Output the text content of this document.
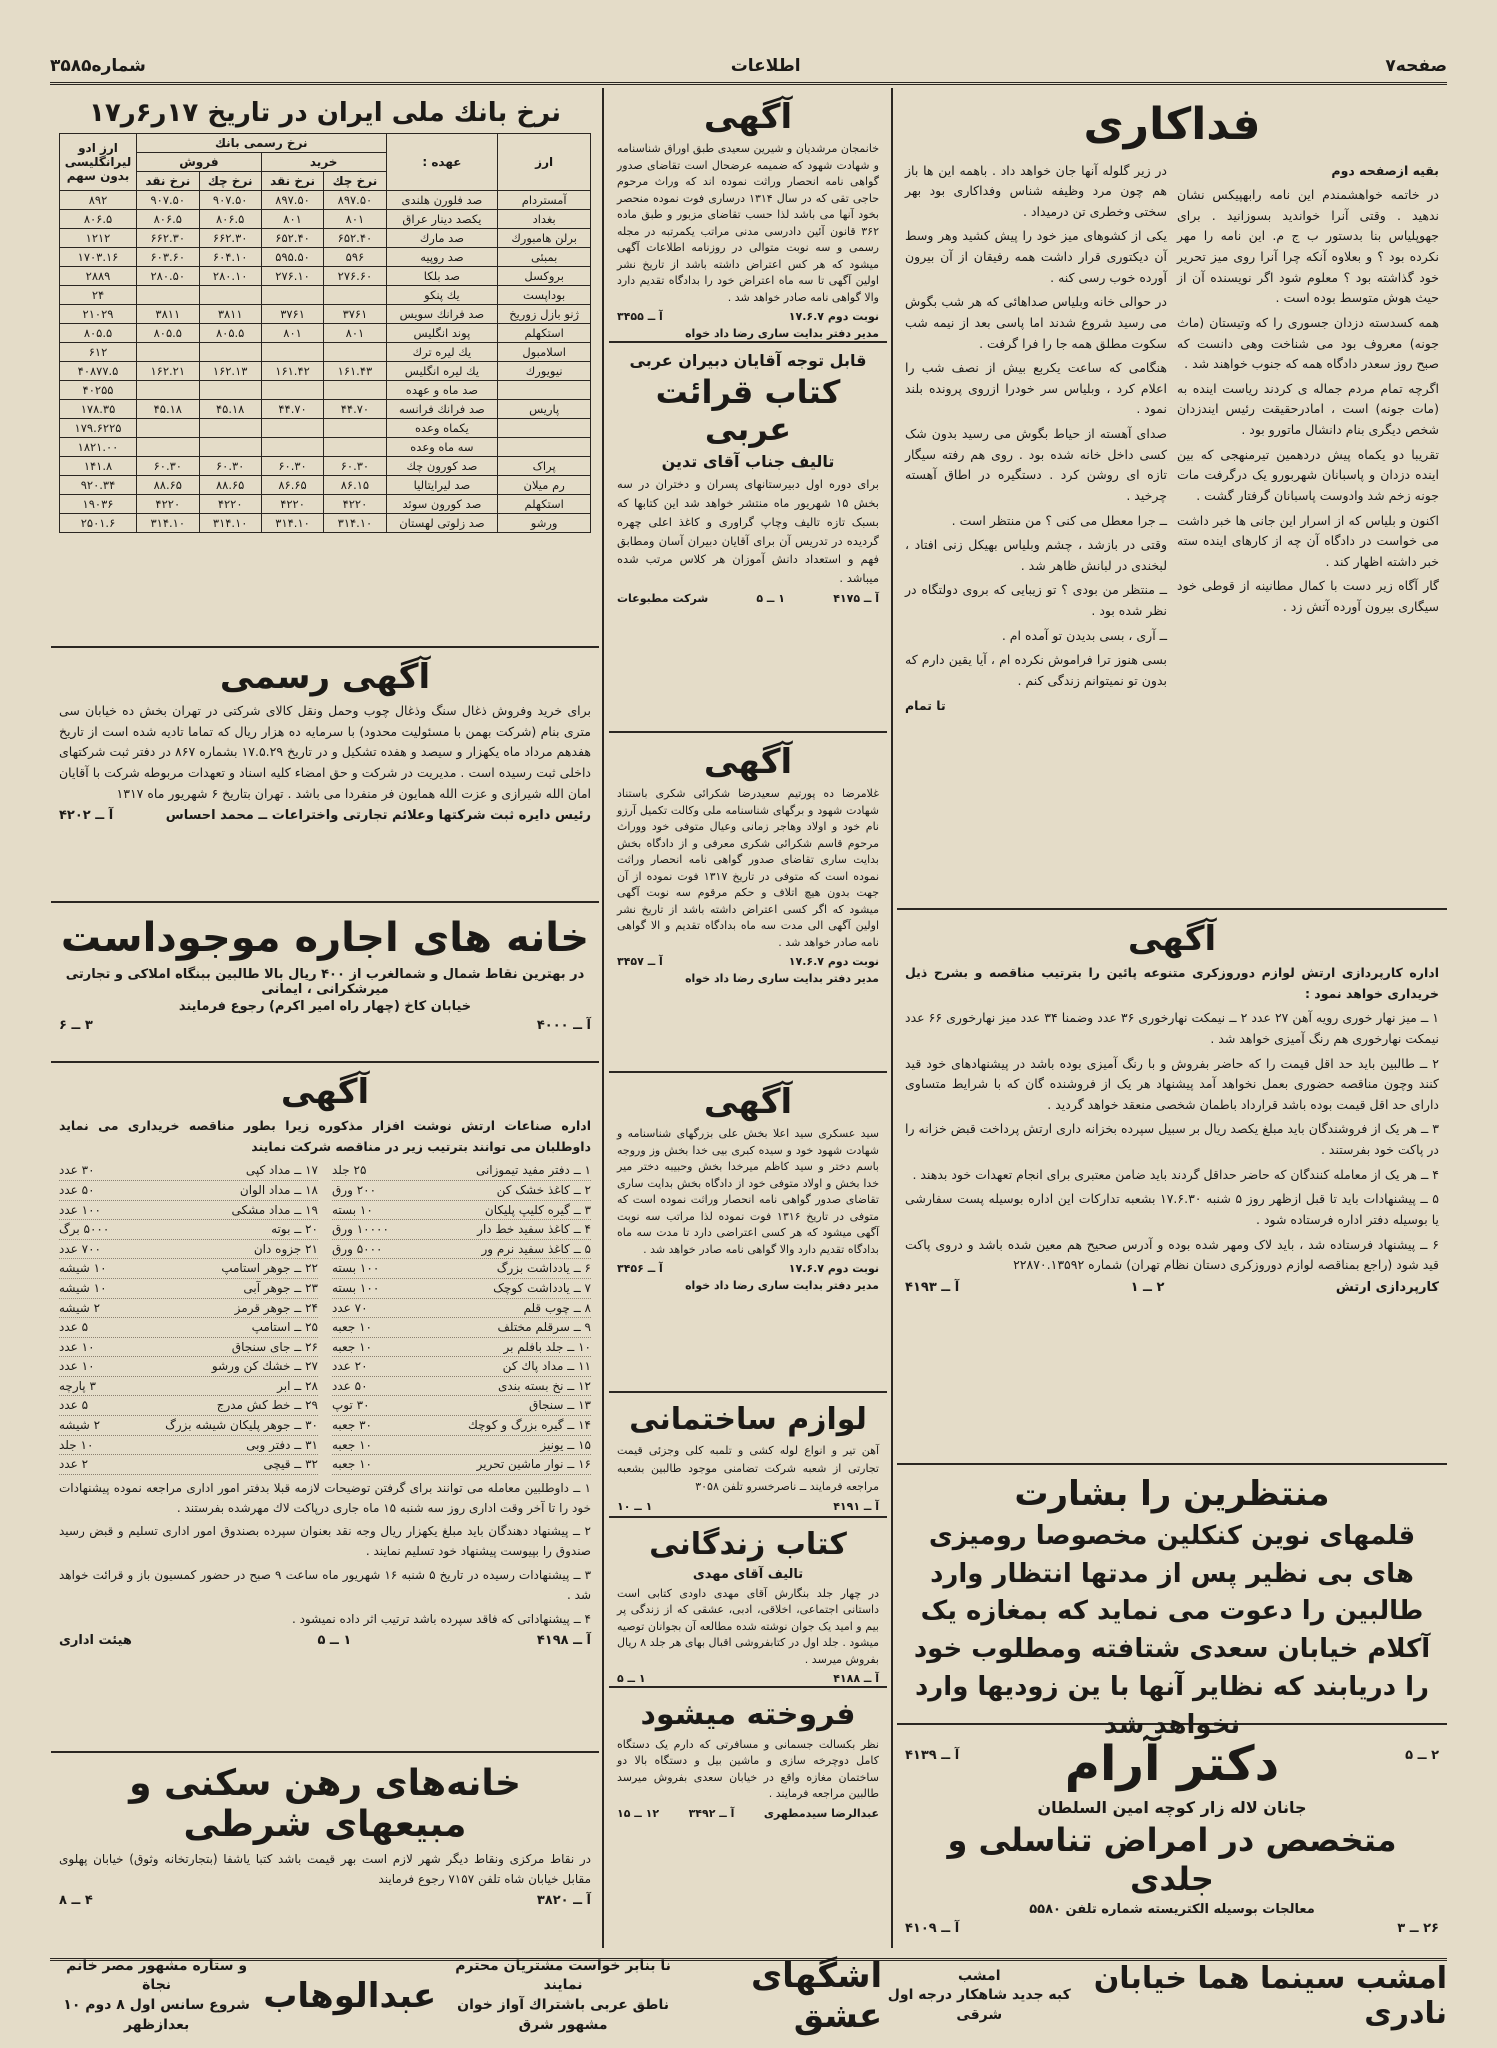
صفحه۷
اطلاعات
شماره۳۵۸۵
فداکاری

بقیه ازصفحه دوم

در خاتمه خواهشمندم این نامه رابهپیکس نشان ندهید . وقتی آنرا خواندید بسوزانید . برای جهوپلیاس بنا بدستور ب ج م. این نامه را مهر نکرده بود ؟ و بعلاوه آنکه چرا آنرا روی میز تحریر خود گذاشته بود ؟ معلوم شود اگر نویسنده آن از حیث هوش متوسط بوده است .

همه کسدسته دزدان جسوری را که وتیستان (ماث جونه) معروف بود می شناخت وهی دانست که صبح روز سعدر دادگاه همه که جنوب خواهند شد .

اگرچه تمام مردم جماله ی کردند ریاست اینده به (مات جونه) است ، امادرحقیقت رئیس ایندزدان شخص دیگری بنام دانشال ماتورو بود .

تقریبا دو یکماه پیش دردهمین تیرمنهجی که بین اینده دزدان و پاسبانان شهربورو یک درگرفت مات جونه زخم شد وادوست پاسبانان گرفتار گشت .

اکنون و بلیاس که از اسرار این جانی ها خبر داشت می خواست در دادگاه آن چه از کارهای اینده سته خبر داشته اظهار کند .

گار آگاه زیر دست با کمال مطانینه از قوطی خود سیگاری بیرون آورده آتش زد .

در زیر گلوله آنها جان خواهد داد . باهمه این ها باز هم چون مرد وظیفه شناس وفداکاری بود بهر سختی وخطری تن درمیداد .

یکی از کشوهای میز خود را پیش کشید وهر وسط آن دیکتوری قرار داشت همه رفیقان از آن بیرون آورده خوب رسی کنه .

در حوالی خانه وبلیاس صداهائی که هر شب بگوش می رسید شروع شدند اما پاسی بعد از نیمه شب سکوت مطلق همه جا را فرا گرفت .

هنگامی که ساعت یکربع بیش از نصف شب را اعلام کرد ، وبلیاس سر خودرا ازروی پرونده بلند نمود .

صدای آهسته از حیاط بگوش می رسید بدون شک کسی داخل خانه شده بود . روی هم رفته سیگار تازه ای روشن کرد . دستگیره در اطاق آهسته چرخید .

ــ جرا معطل می کنی ؟ من منتظر است .

وقتی در بازشد ، چشم وبلیاس بهیکل زنی افتاد ، لبخندی در لبانش ظاهر شد .

ــ منتظر من بودی ؟ تو زیبایی که بروی دولتگاه در نظر شده بود .

ــ آری ، بسی بدیدن تو آمده ام .

بسی هنوز ترا فراموش نکرده ام ، آیا یقین دارم که بدون تو نمیتوانم زندگی کنم .

تا تمام

آگهی

اداره کارپردازی ارتش لوازم دوروزکری متنوعه پائین را بترتیب مناقصه و بشرح ذیل خریداری خواهد نمود :

۱ ــ میز نهار خوری رویه آهن ۲۷ عدد ۲ ــ نیمکت نهارخوری ۳۶ عدد وضمنا ۳۴ عدد میز نهارخوری ۶۶ عدد نیمکت نهارخوری هم رنگ آمیزی خواهد شد .

۲ ــ طالبین باید حد اقل قیمت را که حاضر بفروش و با رنگ آمیزی بوده باشد در پیشنهادهای خود قید کنند وچون مناقصه حضوری بعمل نخواهد آمد پیشنهاد هر یک از فروشنده گان که با شرایط متساوی دارای حد اقل قیمت بوده باشد قرارداد باطمان شخصی منعقد خواهد گردید .

۳ ــ هر یک از فروشندگان باید مبلغ یکصد ریال بر سبیل سپرده بخزانه داری ارتش پرداخت قبض خزانه را در پاکت خود بفرستند .

۴ ــ هر یک از معامله کنندگان که حاضر حداقل گردند باید ضامن معتبری برای انجام تعهدات خود بدهند .

۵ ــ پیشنهادات باید تا قبل ازظهر روز ۵ شنبه ۱۷.۶.۳۰ بشعبه تدارکات این اداره بوسیله پست سفارشی یا بوسیله دفتر اداره فرستاده شود .

۶ ــ پیشنهاد فرستاده شد ، باید لاک ومهر شده بوده و آدرس صحیح هم معین شده باشد و دروی پاکت قید شود (راجع بمناقصه لوازم دوروزکری دستان نظام تهران) شماره ۲۲۸۷۰.۱۳۵۹۲

کارپردازی ارتش
۲ ــ ۱
آ ــ ۴۱۹۳
منتظرین را بشارت
قلمهای نوین کنکلین مخصوصا رومیزی های بی نظیر پس از مدتها انتظار وارد طالبین را دعوت می نماید که بمغازه یک آکلام خیابان سعدی شتافته ومطلوب خود را دریابند که نظایر آنها با ین زودیها وارد نخواهد شد
۲ ــ ۵
آ ــ ۴۱۳۹	دکتر آرام
جانان لاله زار کوچه امین السلطان
متخصص در امراض تناسلی و جلدی
معالجات بوسیله الکتریسته شماره تلفن ۵۵۸۰
۲۶ ــ ۳
آ ــ ۴۱۰۹
آگهی
خانمجان مرشدیان و شیرین سعیدی طبق اوراق شناسنامه و شهادت شهود که ضمیمه عرضحال است تقاضای صدور گواهی نامه انحصار وراثت نموده اند که وراث مرحوم حاجی تقی که در سال ۱۳۱۴ درساری فوت نموده منحصر بخود آنها می باشد لذا حسب تقاضای مزبور و طبق ماده ۳۶۲ قانون آئین دادرسی مدنی مراتب یکمرتبه در مجله رسمی و سه نوبت متوالی در روزنامه اطلاعات آگهی میشود که هر کس اعتراض داشته باشد از تاریخ نشر اولین آگهی تا سه ماه اعتراض خود را بدادگاه تقدیم دارد والا گواهی نامه صادر خواهد شد .
نوبت دوم ۱۷.۶.۷
آ ــ ۳۴۵۵
مدیر دفتر بدایت ساری رضا داد خواه
قابل توجه آقایان دبیران عربی
کتاب قرائت عربی
تالیف جناب آقای تدین
برای دوره اول دبیرستانهای پسران و دختران در سه بخش ۱۵ شهریور ماه منتشر خواهد شد این کتابها که بسبک تازه تالیف وچاپ گراوری و کاغذ اعلی چهره گردیده در تدریس آن برای آقایان دبیران آسان ومطابق فهم و استعداد دانش آموزان هر کلاس مرتب شده میباشد .
آ ــ ۴۱۷۵
۱ ــ ۵
شرکت مطبوعات
آگهی
غلامرضا ده پورتیم سعیدرضا شکرائی شکری باستناد شهادت شهود و برگهای شناسنامه ملی وکالت تکمیل آرزو نام خود و اولاد وهاجر زمانی وعیال متوفی خود ووراث مرحوم قاسم شکرائی شکری معرفی و از دادگاه بخش بدایت ساری تقاضای صدور گواهی نامه انحصار وراثت نموده است که متوفی در تاریخ ۱۳۱۷ فوت نموده از آن جهت بدون هیچ اتلاف و حکم مرقوم سه نوبت آگهی میشود که اگر کسی اعتراض داشته باشد از تاریخ نشر اولین آگهی الی مدت سه ماه بدادگاه تقدیم و الا گواهی نامه صادر خواهد شد .
نوبت دوم ۱۷.۶.۷
آ ــ ۳۴۵۷
مدیر دفتر بدایت ساری رضا داد خواه
آگهی
سید عسکری سید اعلا بخش علی بزرگهای شناسنامه و شهادت شهود خود و سیده کبری بیی خدا بخش وز وروجه باسم دختر و سید کاظم میرخدا بخش وحبیبه دختر میر خدا بخش و اولاد متوفی خود از دادگاه بخش بدایت ساری تقاضای صدور گواهی نامه انحصار وراثت نموده است که متوفی در تاریخ ۱۳۱۶ فوت نموده لذا مراتب سه نوبت آگهی میشود که هر کسی اعتراضی دارد تا مدت سه ماه بدادگاه تقدیم دارد والا گواهی نامه صادر خواهد شد .
نوبت دوم ۱۷.۶.۷
آ ــ ۳۴۵۶
مدیر دفتر بدایت ساری رضا داد خواه
لوازم ساختمانی
آهن تیر و انواع لوله کشی و تلمبه کلی وجزئی قیمت تجارتی از شعبه شرکت تضامنی موجود طالبین بشعبه مراجعه فرمایند ــ ناصرخسرو تلفن ۳۰۵۸
آ ــ ۴۱۹۱
۱ ــ ۱۰
کتاب زندگانی
تالیف آقای مهدی
در چهار جلد بنگارش آقای مهدی داودی کتابی است داستانی اجتماعی، اخلاقی، ادبی، عشقی که از زندگی پر بیم و امید یک جوان نوشته شده مطالعه آن بجوانان توصیه میشود . جلد اول در کتابفروشی اقبال بهای هر جلد ۸ ریال بفروش میرسد .
آ ــ ۴۱۸۸
۱ ــ ۵
فروخته میشود
نظر بکسالت جسمانی و مسافرتی که دارم یک دستگاه کامل دوچرخه سازی و ماشین بیل و دستگاه بالا دو ساختمان مغازه واقع در خیابان سعدی بفروش میرسد طالبین مراجعه فرمایند .
عبدالرضا سیدمطهری
آ ــ ۳۴۹۲
۱۲ ــ ۱۵
نرخ بانك ملی ایران در تاریخ ۱۷ر۶ر۱۷
ارز	عهده :	نرخ رسمی بانك				ارز ادو لیرانگلیسی بدون سهم
		خرید		فروش		
		نرخ چك	نرخ نقد	نرخ چك	نرخ نقد	
آمستردام	صد فلورن هلندی	۸۹۷.۵۰	۸۹۷.۵۰	۹۰۷.۵۰	۹۰۷.۵۰	۸۹۲
بغداد	یکصد دینار عراق	۸۰۱	۸۰۱	۸۰۶.۵	۸۰۶.۵	۸۰۶.۵
برلن هامبورك	صد مارك	۶۵۲.۴۰	۶۵۲.۴۰	۶۶۲.۳۰	۶۶۲.۳۰	۱۲۱۲
بمبئی	صد روپیه	۵۹۶	۵۹۵.۵۰	۶۰۴.۱۰	۶۰۳.۶۰	۱۷۰۳.۱۶
بروکسل	صد بلکا	۲۷۶.۶۰	۲۷۶.۱۰	۲۸۰.۱۰	۲۸۰.۵۰	۲۸۸۹
بوداپست	یك پنکو					۲۴
ژنو بازل زوریخ	صد فرانك سویس	۳۷۶۱	۳۷۶۱	۳۸۱۱	۳۸۱۱	۲۱۰۲۹
استکهلم	پوند انگلیس	۸۰۱	۸۰۱	۸۰۵.۵	۸۰۵.۵	۸۰۵.۵
اسلامبول	یك لیره ترك					۶۱۲
نیویورك	یك لیره انگلیس	۱۶۱.۴۳	۱۶۱.۴۲	۱۶۲.۱۳	۱۶۲.۲۱	۴۰۸۷۷.۵
	صد ماه و عهده					۴۰۲۵۵
پاریس	صد فرانك فرانسه	۴۴.۷۰	۴۴.۷۰	۴۵.۱۸	۴۵.۱۸	۱۷۸.۳۵
	یکماه وعده					۱۷۹.۶۲۲۵
	سه ماه وعده					۱۸۲۱.۰۰
پراک	صد کورون چك	۶۰.۳۰	۶۰.۳۰	۶۰.۳۰	۶۰.۳۰	۱۴۱.۸
رم میلان	صد لیرایتالیا	۸۶.۱۵	۸۶.۶۵	۸۸.۶۵	۸۸.۶۵	۹۲۰.۳۴
استکهلم	صد کورون سوئد	۴۲۲۰	۴۲۲۰	۴۲۲۰	۴۲۲۰	۱۹۰۳۶
ورشو	صد زلوتی لهستان	۳۱۴.۱۰	۳۱۴.۱۰	۳۱۴.۱۰	۳۱۴.۱۰	۲۵۰۱.۶
آگهی رسمی
برای خرید وفروش ذغال سنگ وذغال چوب وحمل ونقل کالای شرکتی در تهران بخش ده خیابان سی متری بنام (شرکت بهمن با مسئولیت محدود) با سرمایه ده هزار ریال که تماما تادیه شده است از تاریخ هفدهم مرداد ماه یکهزار و سیصد و هفده تشکیل و در تاریخ ۱۷.۵.۲۹ بشماره ۸۶۷ در دفتر ثبت شرکتهای داخلی ثبت رسیده است . مدیریت در شرکت و حق امضاء کلیه اسناد و تعهدات مربوطه شرکت با آقایان امان الله شیرازی و عزت الله همایون فر منفردا می باشد . تهران بتاریخ ۶ شهریور ماه ۱۳۱۷
رئیس دایره ثبت شرکتها وعلائم تجارتی واختراعات ــ محمد احساس
آ ــ ۴۲۰۲
خانه های اجاره موجوداست
در بهترین نقاط شمال و شمالغرب از ۴۰۰ ریال بالا طالبین ببنگاه املاکی و تجارتی میرشکرانی ، ایمانی
خیابان کاخ (چهار راه امیر اکرم) رجوع فرمایند
آ ــ ۴۰۰۰
۳ ــ ۶
آگهی
اداره صناعات ارتش نوشت افزار مذکوره زیرا بطور مناقصه خریداری می نماید داوطلبان می توانند بترتیب زیر در مناقصه شرکت نمایند
۱ ــ دفتر مفید تیموزانی
۲۵ جلد
۲ ــ کاغذ خشک کن
۲۰۰ ورق
۳ ــ گیره کلیپ پلیکان
۱۰ بسته
۴ ــ کاغذ سفید خط دار
۱۰۰۰۰ ورق
۵ ــ کاغذ سفید نرم ور
۵۰۰۰ ورق
۶ ــ یادداشت بزرگ
۱۰۰ بسته
۷ ــ یادداشت کوچک
۱۰۰ بسته
۸ ــ چوب قلم
۷۰ عدد
۹ ــ سرقلم مختلف
۱۰ جعبه
۱۰ ــ جلد بافلم بر
۱۰ جعبه
۱۱ ــ مداد پاك کن
۲۰ عدد
۱۲ ــ نخ بسته بندی
۵۰ عدد
۱۳ ــ سنجاق
۳۰ توپ
۱۴ ــ گیره بزرگ و کوچك
۳۰ جعبه
۱۵ ــ یونیز
۱۰ جعبه
۱۶ ــ نوار ماشین تحریر
۱۰ جعبه
۱۷ ــ مداد کپی
۳۰ عدد
۱۸ ــ مداد الوان
۵۰ عدد
۱۹ ــ مداد مشکی
۱۰۰ عدد
۲۰ ــ بوته
۵۰۰۰ برگ
۲۱ جزوه دان
۷۰۰ عدد
۲۲ ــ جوهر استامپ
۱۰ شیشه
۲۳ ــ جوهر آبی
۱۰ شیشه
۲۴ ــ جوهر قرمز
۲ شیشه
۲۵ ــ استامپ
۵ عدد
۲۶ ــ جای سنجاق
۱۰ عدد
۲۷ ــ خشك کن ورشو
۱۰ عدد
۲۸ ــ ابر
۳ پارچه
۲۹ ــ خط کش مدرج
۵ عدد
۳۰ ــ جوهر پلیکان شیشه بزرگ
۲ شیشه
۳۱ ــ دفتر وبی
۱۰ جلد
۳۲ ــ قیچی
۲ عدد

۱ ــ داوطلبین معامله می توانند برای گرفتن توضیحات لازمه قبلا بدفتر امور اداری مراجعه نموده پیشنهادات خود را تا آخر وقت اداری روز سه شنبه ۱۵ ماه جاری درپاکت لاك مهرشده بفرستند .

۲ ــ پیشنهاد دهندگان باید مبلغ یکهزار ریال وجه نقد بعنوان سپرده بصندوق امور اداری تسلیم و قبض رسید صندوق را بپیوست پیشنهاد خود تسلیم نمایند .

۳ ــ پیشنهادات رسیده در تاریخ ۵ شنبه ۱۶ شهریور ماه ساعت ۹ صبح در حضور کمسیون باز و قرائت خواهد شد .

۴ ــ پیشنهاداتی که فاقد سپرده باشد ترتیب اثر داده نمیشود .

آ ــ ۴۱۹۸
۱ ــ ۵
هیئت اداری
خانه‌های رهن سکنی و مبیعهای شرطی
در نقاط مرکزی ونقاط دیگر شهر لازم است بهر قیمت باشد کتبا یاشفا (بتجارتخانه وثوق) خیابان پهلوی مقابل خیابان شاه تلفن ۷۱۵۷ رجوع فرمایند
آ ــ ۳۸۲۰
۴ ــ ۸
امشب سینما هما خیابان نادری
امشب
کبه جدید شاهکار درجه اول شرقی
اشگهای عشق
نا بنابر خواست مشتریان محترم نمایند
ناطق عربی باشتراك آواز خوان مشهور شرق
عبدالوهاب
و ستاره مشهور مصر خانم نجاة
شروع سانس اول ۸ دوم ۱۰ بعدازظهر
